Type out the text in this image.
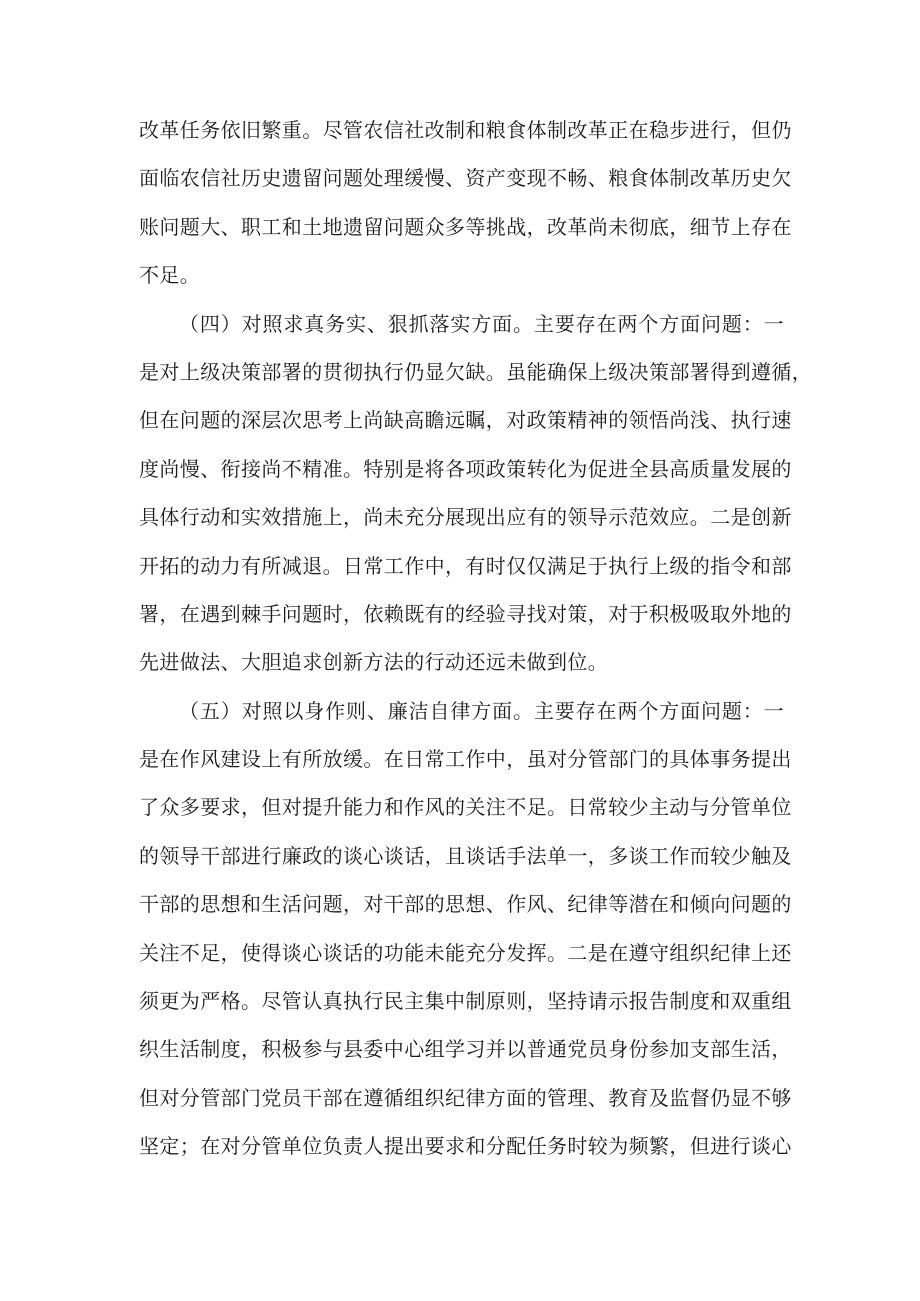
改革任务依旧繁重。尽管农信社改制和粮食体制改革正在稳步进行，但仍
面临农信社历史遗留问题处理缓慢、资产变现不畅、粮食体制改革历史欠
账问题大、职工和土地遗留问题众多等挑战，改革尚未彻底，细节上存在
不足。
（四）对照求真务实、狠抓落实方面。主要存在两个方面问题：一
是对上级决策部署的贯彻执行仍显欠缺。虽能确保上级决策部署得到遵循，
但在问题的深层次思考上尚缺高瞻远瞩，对政策精神的领悟尚浅、执行速
度尚慢、衔接尚不精准。特别是将各项政策转化为促进全县高质量发展的
具体行动和实效措施上，尚未充分展现出应有的领导示范效应。二是创新
开拓的动力有所减退。日常工作中，有时仅仅满足于执行上级的指令和部
署，在遇到棘手问题时，依赖既有的经验寻找对策，对于积极吸取外地的
先进做法、大胆追求创新方法的行动还远未做到位。
（五）对照以身作则、廉洁自律方面。主要存在两个方面问题：一
是在作风建设上有所放缓。在日常工作中，虽对分管部门的具体事务提出
了众多要求，但对提升能力和作风的关注不足。日常较少主动与分管单位
的领导干部进行廉政的谈心谈话，且谈话手法单一，多谈工作而较少触及
干部的思想和生活问题，对干部的思想、作风、纪律等潜在和倾向问题的
关注不足，使得谈心谈话的功能未能充分发挥。二是在遵守组织纪律上还
须更为严格。尽管认真执行民主集中制原则，坚持请示报告制度和双重组
织生活制度，积极参与县委中心组学习并以普通党员身份参加支部生活，
但对分管部门党员干部在遵循组织纪律方面的管理、教育及监督仍显不够
坚定；在对分管单位负责人提出要求和分配任务时较为频繁，但进行谈心
